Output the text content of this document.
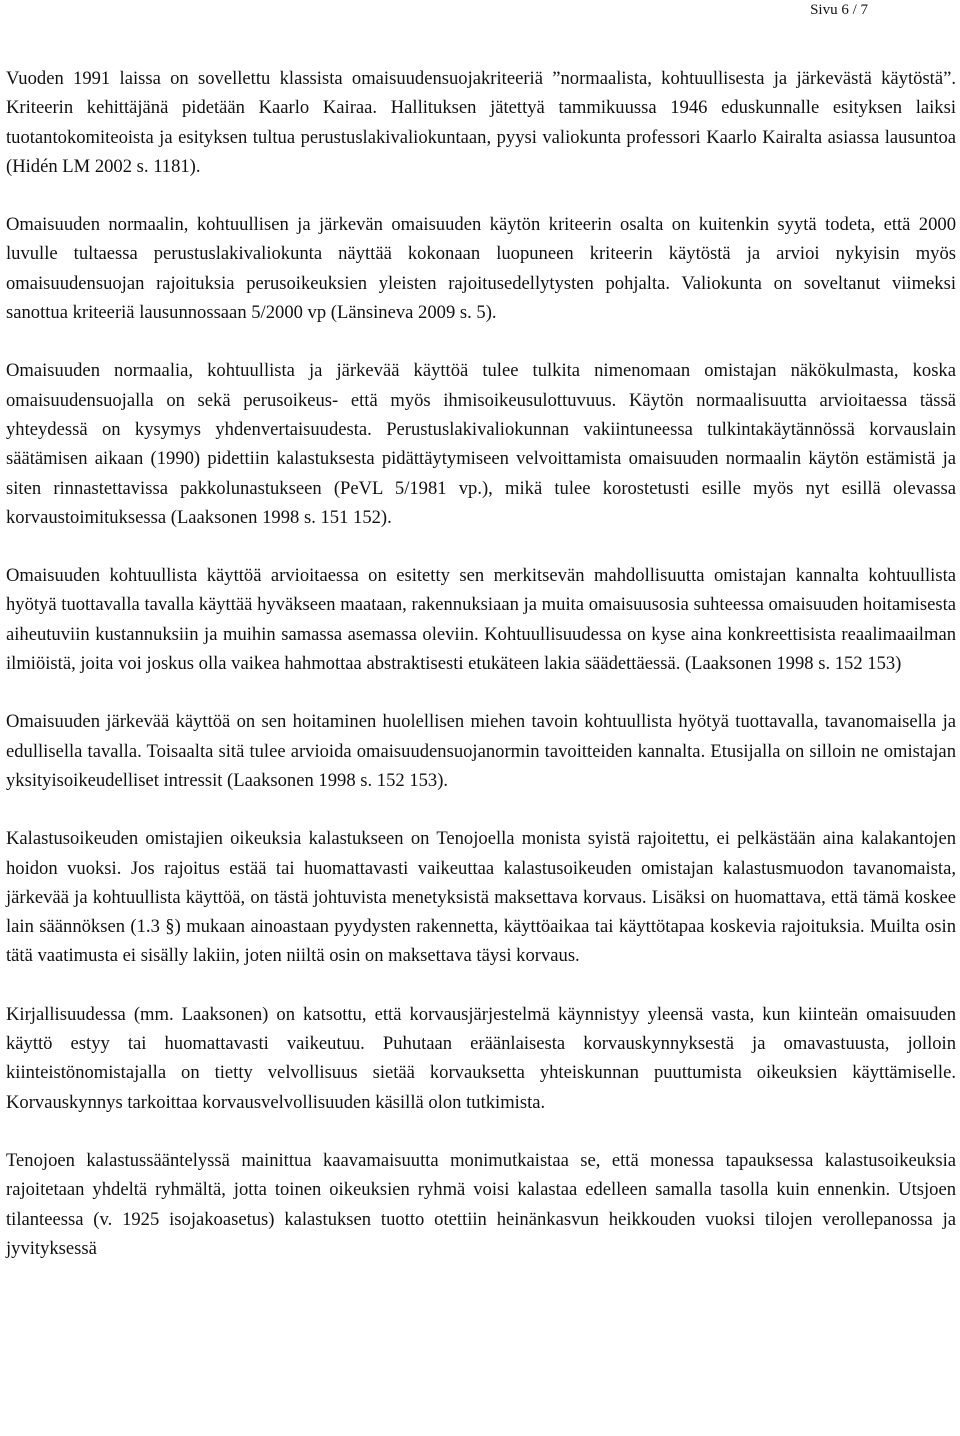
Sivu 6 / 7

Vuoden 1991 laissa on sovellettu klassista omaisuudensuojakriteeriä ”normaalista, kohtuullisesta ja järkevästä käytöstä”. Kriteerin kehittäjänä pidetään Kaarlo Kairaa. Hallituksen jätettyä tammikuussa 1946 eduskunnalle esityksen laiksi tuotantokomiteoista ja esityksen tultua perustuslakivaliokuntaan, pyysi valiokunta professori Kaarlo Kairalta asiassa lausuntoa (Hidén LM 2002 s. 1181).

Omaisuuden normaalin, kohtuullisen ja järkevän omaisuuden käytön kriteerin osalta on kuitenkin syytä todeta, että 2000 luvulle tultaessa perustuslakivaliokunta näyttää kokonaan luopuneen kriteerin käytöstä ja arvioi nykyisin myös omaisuudensuojan rajoituksia perusoikeuksien yleisten rajoitusedellytysten pohjalta. Valiokunta on soveltanut viimeksi sanottua kriteeriä lausunnossaan 5/2000 vp (Länsineva 2009 s. 5).

Omaisuuden normaalia, kohtuullista ja järkevää käyttöä tulee tulkita nimenomaan omistajan näkökulmasta, koska omaisuudensuojalla on sekä perusoikeus- että myös ihmisoikeusulottuvuus. Käytön normaalisuutta arvioitaessa tässä yhteydessä on kysymys yhdenvertaisuudesta. Perustuslakivaliokunnan vakiintuneessa tulkintakäytännössä korvauslain säätämisen aikaan (1990) pidettiin kalastuksesta pidättäytymiseen velvoittamista omaisuuden normaalin käytön estämistä ja siten rinnastettavissa pakkolunastukseen (PeVL 5/1981 vp.), mikä tulee korostetusti esille myös nyt esillä olevassa korvaustoimituksessa (Laaksonen 1998 s. 151 152).

Omaisuuden kohtuullista käyttöä arvioitaessa on esitetty sen merkitsevän mahdollisuutta omistajan kannalta kohtuullista hyötyä tuottavalla tavalla käyttää hyväkseen maataan, rakennuksiaan ja muita omaisuusosia suhteessa omaisuuden hoitamisesta aiheutuviin kustannuksiin ja muihin samassa asemassa oleviin. Kohtuullisuudessa on kyse aina konkreettisista reaalimaailman ilmiöistä, joita voi joskus olla vaikea hahmottaa abstraktisesti etukäteen lakia säädettäessä. (Laaksonen 1998 s. 152 153)

Omaisuuden järkevää käyttöä on sen hoitaminen huolellisen miehen tavoin kohtuullista hyötyä tuottavalla, tavanomaisella ja edullisella tavalla. Toisaalta sitä tulee arvioida omaisuudensuojanormin tavoitteiden kannalta. Etusijalla on silloin ne omistajan yksityisoikeudelliset intressit (Laaksonen 1998 s. 152 153).

Kalastusoikeuden omistajien oikeuksia kalastukseen on Tenojoella monista syistä rajoitettu, ei pelkästään aina kalakantojen hoidon vuoksi. Jos rajoitus estää tai huomattavasti vaikeuttaa kalastusoikeuden omistajan kalastusmuodon tavanomaista, järkevää ja kohtuullista käyttöä, on tästä johtuvista menetyksistä maksettava korvaus. Lisäksi on huomattava, että tämä koskee lain säännöksen (1.3 §) mukaan ainoastaan pyydysten rakennetta, käyttöaikaa tai käyttötapaa koskevia rajoituksia. Muilta osin tätä vaatimusta ei sisälly lakiin, joten niiltä osin on maksettava täysi korvaus.

Kirjallisuudessa (mm. Laaksonen) on katsottu, että korvausjärjestelmä käynnistyy yleensä vasta, kun kiinteän omaisuuden käyttö estyy tai huomattavasti vaikeutuu. Puhutaan eräänlaisesta korvauskynnyksestä ja omavastuusta, jolloin kiinteistönomistajalla on tietty velvollisuus sietää korvauksetta yhteiskunnan puuttumista oikeuksien käyttämiselle. Korvauskynnys tarkoittaa korvausvelvollisuuden käsillä olon tutkimista.

Tenojoen kalastussääntelyssä mainittua kaavamaisuutta monimutkaistaa se, että monessa tapauksessa kalastusoikeuksia rajoitetaan yhdeltä ryhmältä, jotta toinen oikeuksien ryhmä voisi kalastaa edelleen samalla tasolla kuin ennenkin. Utsjoen tilanteessa (v. 1925 isojakoasetus) kalastuksen tuotto otettiin heinänkasvun heikkouden vuoksi tilojen verollepanossa ja jyvityksessä
